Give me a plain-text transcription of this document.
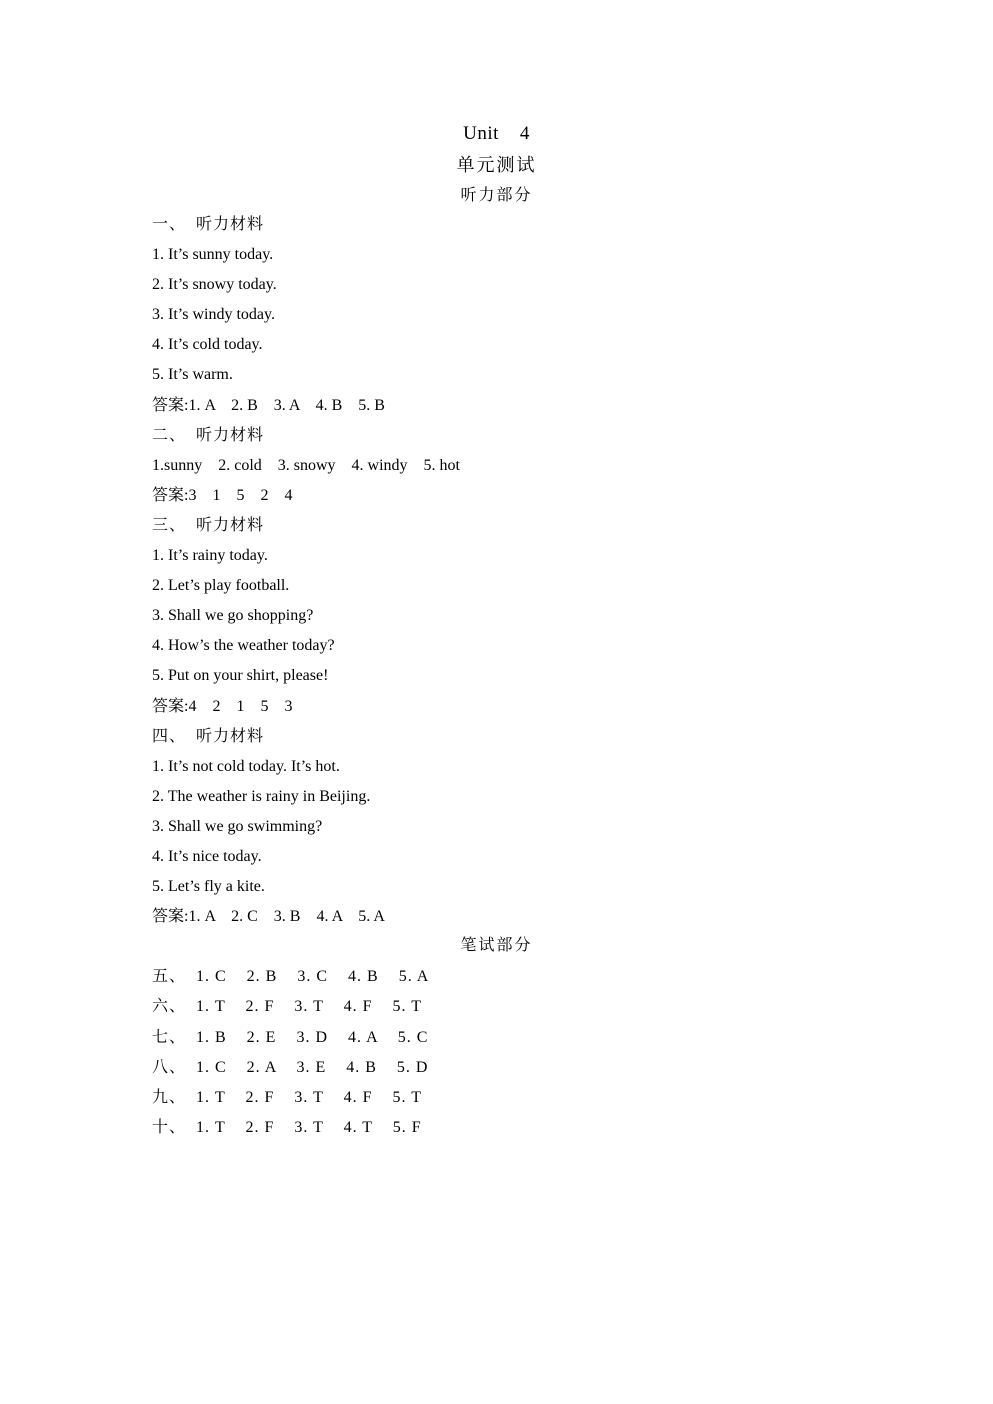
Unit    4
单元测试
听力部分
一、  听力材料
1. It’s sunny today.
2. It’s snowy today.
3. It’s windy today.
4. It’s cold today.
5. It’s warm.
答案:1. A    2. B    3. A    4. B    5. B
二、  听力材料
1.sunny    2. cold    3. snowy    4. windy    5. hot
答案:3    1    5    2    4
三、  听力材料
1. It’s rainy today.
2. Let’s play football.
3. Shall we go shopping?
4. How’s the weather today?
5. Put on your shirt, please!
答案:4    2    1    5    3
四、  听力材料
1. It’s not cold today. It’s hot.
2. The weather is rainy in Beijing.
3. Shall we go swimming?
4. It’s nice today.
5. Let’s fly a kite.
答案:1. A    2. C    3. B    4. A    5. A
五、  1. C    2. B    3. C    4. B    5. A
六、  1. T    2. F    3. T    4. F    5. T
七、  1. B    2. E    3. D    4. A    5. C
八、  1. C    2. A    3. E    4. B    5. D
九、  1. T    2. F    3. T    4. F    5. T
十、  1. T    2. F    3. T    4. T    5. F
笔试部分
